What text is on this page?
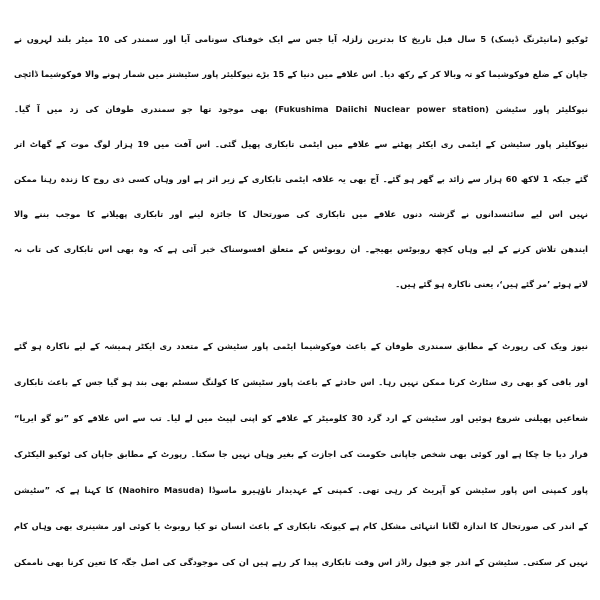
ٹوکیو (مانیٹرنگ ڈیسک) 5 سال قبل تاریخ کا بدترین زلزلہ آیا جس سے ایک خوفناک سونامی آیا اور سمندر کی 10 میٹر بلند لہروں نے
جاپان کے ضلع فوکوشیما کو تہ وبالا کر کے رکھ دیا۔ اس علاقے میں دنیا کے 15 بڑے نیوکلیئر پاور سٹیشنز میں شمار ہونے والا فوکوشیما ڈائچی
نیوکلیئر پاور سٹیشن (Fukushima Daiichi Nuclear power station) بھی موجود تھا جو سمندری طوفان کی زد میں آ گیا۔
نیوکلیئر پاور سٹیشن کے ایٹمی ری ایکٹر پھٹنے سے علاقے میں ایٹمی تابکاری پھیل گئی۔ اس آفت میں 19 ہزار لوگ موت کے گھاٹ اتر
گئے جبکہ 1 لاکھ 60 ہزار سے زائد بے گھر ہو گئے۔ آج بھی یہ علاقہ ایٹمی تابکاری کے زیر اثر ہے اور وہاں کسی ذی روح کا زندہ رہنا ممکن
نہیں اس لیے سائنسدانوں نے گزشتہ دنوں علاقے میں تابکاری کی صورتحال کا جائزہ لینے اور تابکاری پھیلانے کا موجب بننے والا
ایندھن تلاش کرنے کے لیے وہاں کچھ روبوٹس بھیجے۔ ان روبوٹس کے متعلق افسوسناک خبر آئی ہے کہ وہ بھی اس تابکاری کی تاب نہ
لاتے ہوئے ’مر گئے ہیں‘، یعنی ناکارہ ہو گئے ہیں۔
نیوز ویک کی رپورٹ کے مطابق سمندری طوفان کے باعث فوکوشیما ایٹمی پاور سٹیشن کے متعدد ری ایکٹر ہمیشہ کے لیے ناکارہ ہو گئے
اور باقی کو بھی ری سٹارٹ کرنا ممکن نہیں رہا۔ اس حادثے کے باعث پاور سٹیشن کا کولنگ سسٹم بھی بند ہو گیا جس کے باعث تابکاری
شعاعیں پھیلنی شروع ہوئیں اور سٹیشن کے ارد گرد 30 کلومیٹر کے علاقے کو اپنی لپیٹ میں لے لیا۔ تب سے اس علاقے کو ”نو گو ایریا“
قرار دیا جا چکا ہے اور کوئی بھی شخص جاپانی حکومت کی اجازت کے بغیر وہاں نہیں جا سکتا۔ رپورٹ کے مطابق جاپان کی ٹوکیو الیکٹرک
پاور کمپنی اس پاور سٹیشن کو آپریٹ کر رہی تھی۔ کمپنی کے عہدیدار ناؤہیرو ماسوڈا (Naohiro Masuda) کا کہنا ہے کہ ”سٹیشن
کے اندر کی صورتحال کا اندازہ لگانا انتہائی مشکل کام ہے کیونکہ تابکاری کے باعث انسان تو کیا روبوٹ یا کوئی اور مشینری بھی وہاں کام
نہیں کر سکتی۔ سٹیشن کے اندر جو فیول راڈز اس وقت تابکاری پیدا کر رہے ہیں ان کی موجودگی کی اصل جگہ کا تعین کرنا بھی ناممکن
